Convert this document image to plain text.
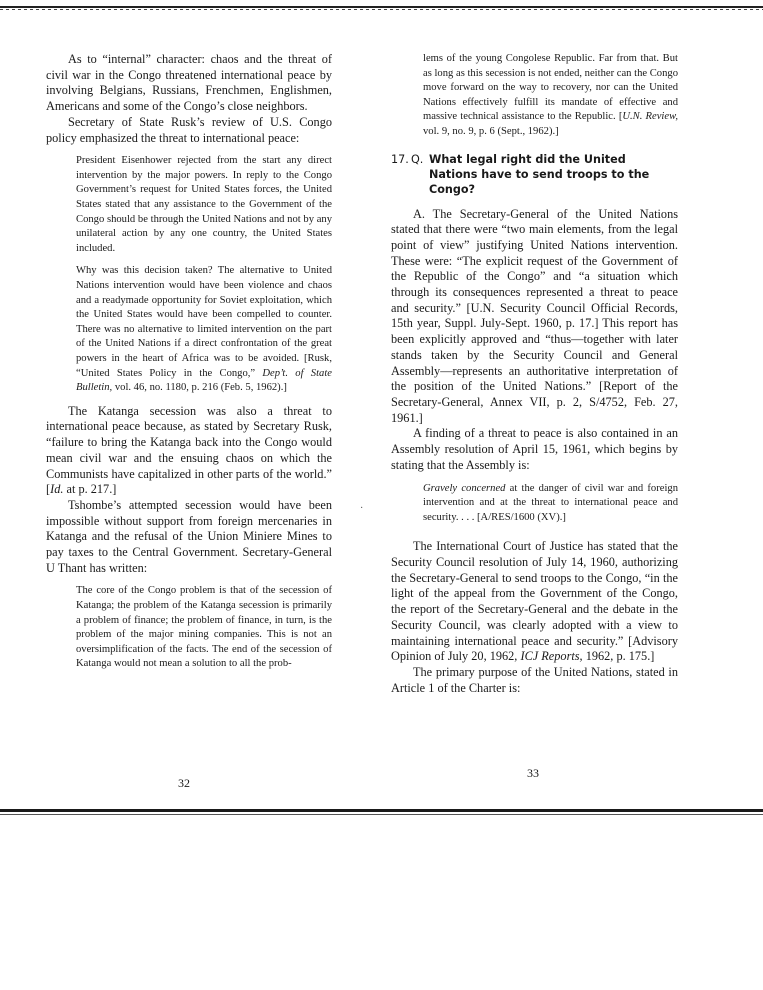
As to “internal” character: chaos and the threat of civil war in the Congo threatened international peace by involving Belgians, Russians, Frenchmen, Englishmen, Americans and some of the Congo’s close neighbors.

Secretary of State Rusk’s review of U.S. Congo policy emphasized the threat to international peace:

President Eisenhower rejected from the start any direct intervention by the major powers. In reply to the Congo Government’s request for United States forces, the United States stated that any assistance to the Government of the Congo should be through the United Nations and not by any unilateral action by any one country, the United States included.

Why was this decision taken? The alternative to United Nations intervention would have been violence and chaos and a readymade opportunity for Soviet exploitation, which the United States would have been compelled to counter. There was no alternative to limited intervention on the part of the United Nations if a direct confrontation of the great powers in the heart of Africa was to be avoided. [Rusk, “United States Policy in the Congo,” Dep’t. of State Bulletin, vol. 46, no. 1180, p. 216 (Feb. 5, 1962).]

The Katanga secession was also a threat to international peace because, as stated by Secretary Rusk, “failure to bring the Katanga back into the Congo would mean civil war and the ensuing chaos on which the Communists have capitalized in other parts of the world.” [Id. at p. 217.]

Tshombe’s attempted secession would have been impossible without support from foreign mercenaries in Katanga and the refusal of the Union Miniere Mines to pay taxes to the Central Government. Secretary-General U Thant has written:

The core of the Congo problem is that of the secession of Katanga; the problem of the Katanga secession is primarily a problem of finance; the problem of finance, in turn, is the problem of the major mining companies. This is not an oversimplification of the facts. The end of the secession of Katanga would not mean a solution to all the prob-

32

lems of the young Congolese Republic. Far from that. But as long as this secession is not ended, neither can the Congo move forward on the way to recovery, nor can the United Nations effectively fulfill its mandate of effective and massive technical assistance to the Republic. [U.N. Review, vol. 9, no. 9, p. 6 (Sept., 1962).]

17. Q. What legal right did the United Nations have to send troops to the Congo?

A. The Secretary-General of the United Nations stated that there were “two main elements, from the legal point of view” justifying United Nations intervention. These were: “The explicit request of the Government of the Republic of the Congo” and “a situation which through its consequences represented a threat to peace and security.” [U.N. Security Council Official Records, 15th year, Suppl. July-Sept. 1960, p. 17.] This report has been explicitly approved and “thus—together with later stands taken by the Security Council and General Assembly—represents an authoritative interpretation of the position of the United Nations.” [Report of the Secretary-General, Annex VII, p. 2, S/4752, Feb. 27, 1961.]

A finding of a threat to peace is also contained in an Assembly resolution of April 15, 1961, which begins by stating that the Assembly is:

Gravely concerned at the danger of civil war and foreign intervention and at the threat to international peace and security. . . . [A/RES/1600 (XV).]

The International Court of Justice has stated that the Security Council resolution of July 14, 1960, authorizing the Secretary-General to send troops to the Congo, “in the light of the appeal from the Government of the Congo, the report of the Secretary-General and the debate in the Security Council, was clearly adopted with a view to maintaining international peace and security.” [Advisory Opinion of July 20, 1962, ICJ Reports, 1962, p. 175.]

The primary purpose of the United Nations, stated in Article 1 of the Charter is:

33
·
